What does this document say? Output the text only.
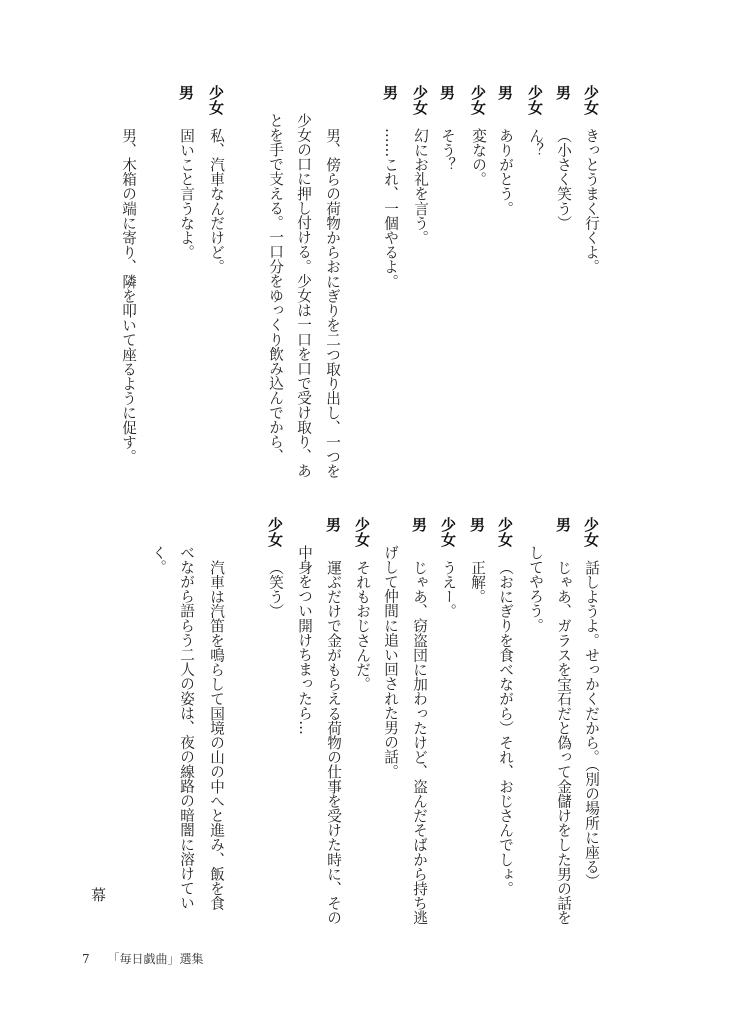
少女
きっとうまく行くよ。
男
（小さく笑う）
少女
ん？
男
ありがとう。
少女
変なの。
男
そう？
少女
幻にお礼を言う。
男
……これ、一個やるよ。
男、傍らの荷物からおにぎりを二つ取り出し、一つを
少女の口に押し付ける。少女は一口を口で受け取り、あ
とを手で支える。一口分をゆっくり飲み込んでから、
少女
私、汽車なんだけど。
男
固いこと言うなよ。
男、木箱の端に寄り、隣を叩いて座るように促す。
少女
話しようよ。せっかくだから。（別の場所に座る）
男
じゃあ、ガラスを宝石だと偽って金儲けをした男の話を
してやろう。
少女
（おにぎりを食べながら）それ、おじさんでしょ。
男
正解。
少女
うえー。
男
じゃあ、窃盗団に加わったけど、盗んだそばから持ち逃
げして仲間に追い回された男の話。
少女
それもおじさんだ。
男
運ぶだけで金がもらえる荷物の仕事を受けた時に、その
中身をつい開けちまったら…
少女
（笑う）
汽車は汽笛を鳴らして国境の山の中へと進み、飯を食
べながら語らう二人の姿は、夜の線路の暗闇に溶けてい
く。
幕
7 「毎日戯曲」選集
